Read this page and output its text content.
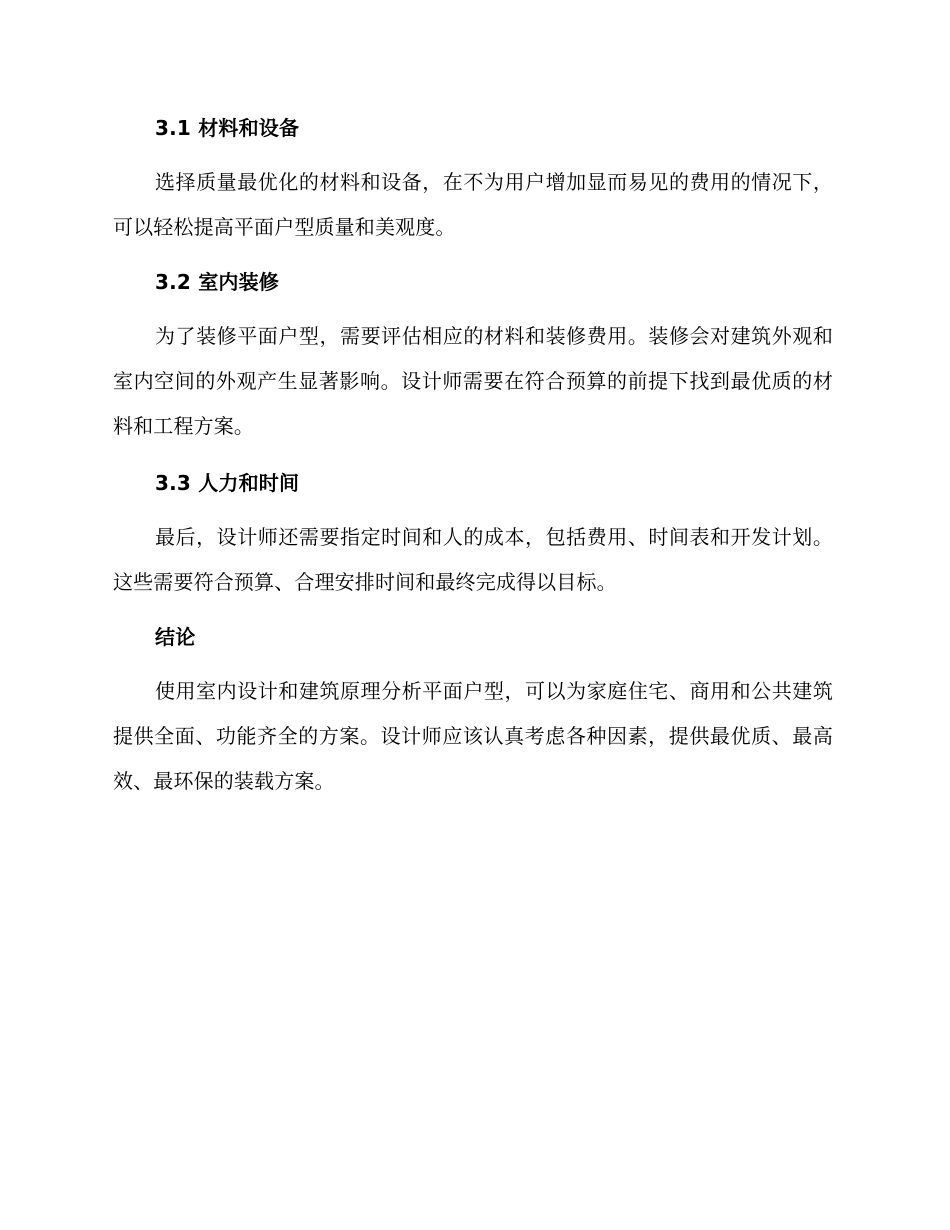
3.1 材料和设备

选择质量最优化的材料和设备，在不为用户增加显而易见的费用的情况下，可以轻松提高平面户型质量和美观度。

3.2 室内装修

为了装修平面户型，需要评估相应的材料和装修费用。装修会对建筑外观和室内空间的外观产生显著影响。设计师需要在符合预算的前提下找到最优质的材料和工程方案。

3.3 人力和时间

最后，设计师还需要指定时间和人的成本，包括费用、时间表和开发计划。这些需要符合预算、合理安排时间和最终完成得以目标。

结论

使用室内设计和建筑原理分析平面户型，可以为家庭住宅、商用和公共建筑提供全面、功能齐全的方案。设计师应该认真考虑各种因素，提供最优质、最高效、最环保的装载方案。
